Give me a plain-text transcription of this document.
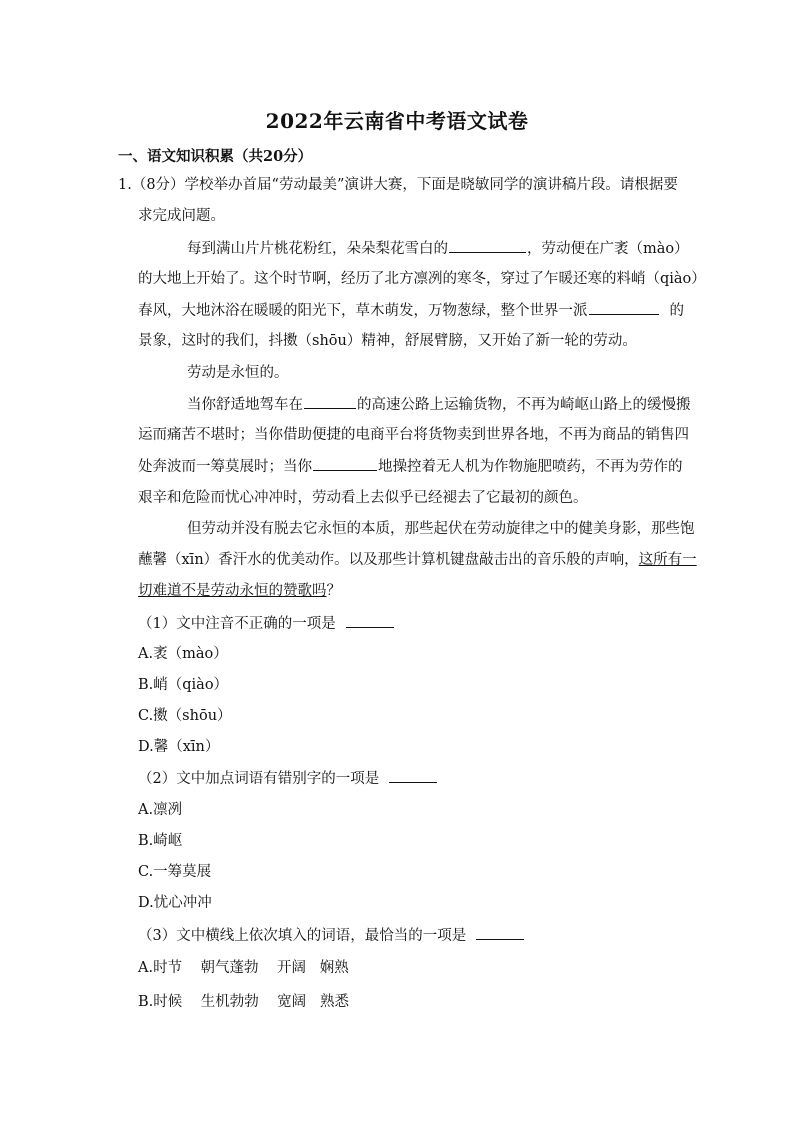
2022年云南省中考语文试卷
一、语文知识积累（共20分）
1.（8分）学校举办首届“劳动最美”演讲大赛，下面是晓敏同学的演讲稿片段。请根据要
求完成问题。
每到满山片片桃花粉红，朵朵梨花雪白的	，劳动便在广袤（mào）
的大地上开始了。这个时节啊，经历了北方凛冽的寒冬，穿过了乍暖还寒的料峭（qiào）
春风，大地沐浴在暖暖的阳光下，草木萌发，万物葱绿，整个世界一派	的
景象，这时的我们，抖擞（shōu）精神，舒展臂膀，又开始了新一轮的劳动。
劳动是永恒的。
当你舒适地驾车在	的高速公路上运输货物，不再为崎岖山路上的缓慢搬
运而痛苦不堪时；当你借助便捷的电商平台将货物卖到世界各地，不再为商品的销售四
处奔波而一筹莫展时；当你	地操控着无人机为作物施肥喷药，不再为劳作的
艰辛和危险而忧心冲冲时，劳动看上去似乎已经褪去了它最初的颜色。
但劳动并没有脱去它永恒的本质，那些起伏在劳动旋律之中的健美身影，那些饱
蘸馨（xīn）香汗水的优美动作。以及那些计算机键盘敲击出的音乐般的声响，这所有一
切难道不是劳动永恒的赞歌吗？
（1）文中注音不正确的一项是
A.袤（mào）
B.峭（qiào）
C.擞（shōu）
D.馨（xīn）
（2）文中加点词语有错别字的一项是
A.凛冽
B.崎岖
C.一筹莫展
D.忧心冲冲
（3）文中横线上依次填入的词语，最恰当的一项是
A.时节    朝气蓬勃    开阔   娴熟
B.时候    生机勃勃    宽阔   熟悉
